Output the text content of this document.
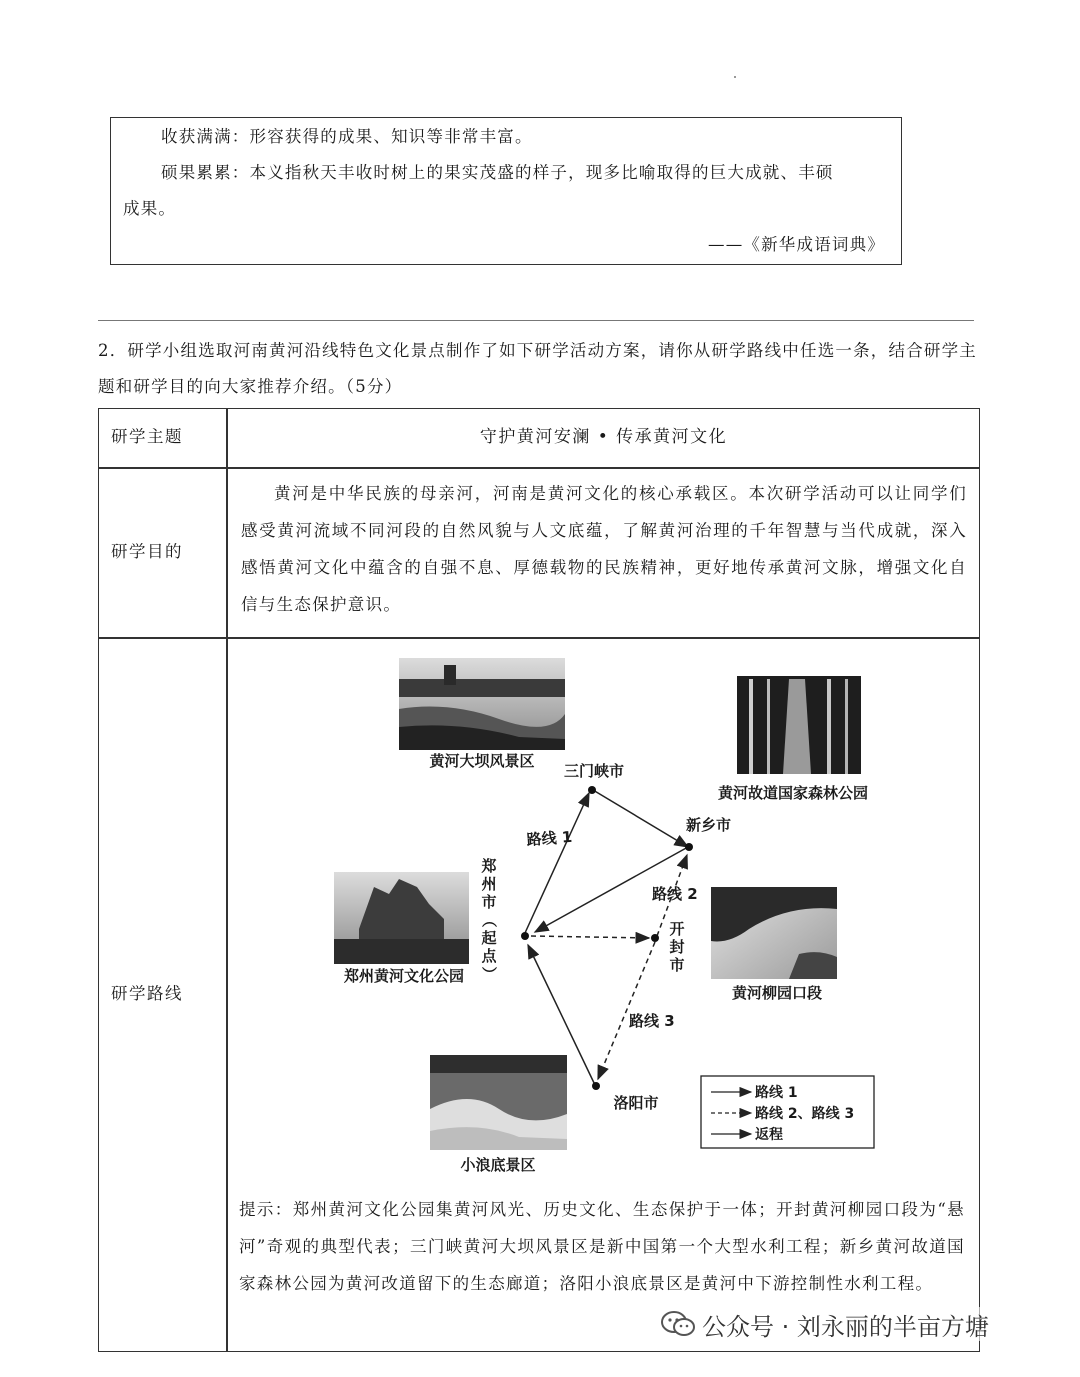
收获满满：形容获得的成果、知识等非常丰富。
硕果累累：本义指秋天丰收时树上的果实茂盛的样子，现多比喻取得的巨大成就、丰硕
成果。
——《新华成语词典》
2．研学小组选取河南黄河沿线特色文化景点制作了如下研学活动方案，请你从研学路线中任选一条，结合研学主题和研学目的向大家推荐介绍。（5分）
研学主题	守护黄河安澜 • 传承黄河文化
研学目的
黄河是中华民族的母亲河，河南是黄河文化的核心承载区。本次研学活动可以让同学们感受黄河流域不同河段的自然风貌与人文底蕴，了解黄河治理的千年智慧与当代成就，深入感悟黄河文化中蕴含的自强不息、厚德载物的民族精神，更好地传承黄河文脉，增强文化自信与生态保护意识。
研学路线
黄河大坝风景区
黄河故道国家森林公园
郑州黄河文化公园
黄河柳园口段
小浪底景区
三门峡市
新乡市
洛阳市
郑
州
市
（
起
点
）
开
封
市
路线 1
路线 2
路线 3
路线 1
路线 2、路线 3
返程
提示：郑州黄河文化公园集黄河风光、历史文化、生态保护于一体；开封黄河柳园口段为“悬河”奇观的典型代表；三门峡黄河大坝风景区是新中国第一个大型水利工程；新乡黄河故道国家森林公园为黄河改道留下的生态廊道；洛阳小浪底景区是黄河中下游控制性水利工程。
公众号 · 刘永丽的半亩方塘
